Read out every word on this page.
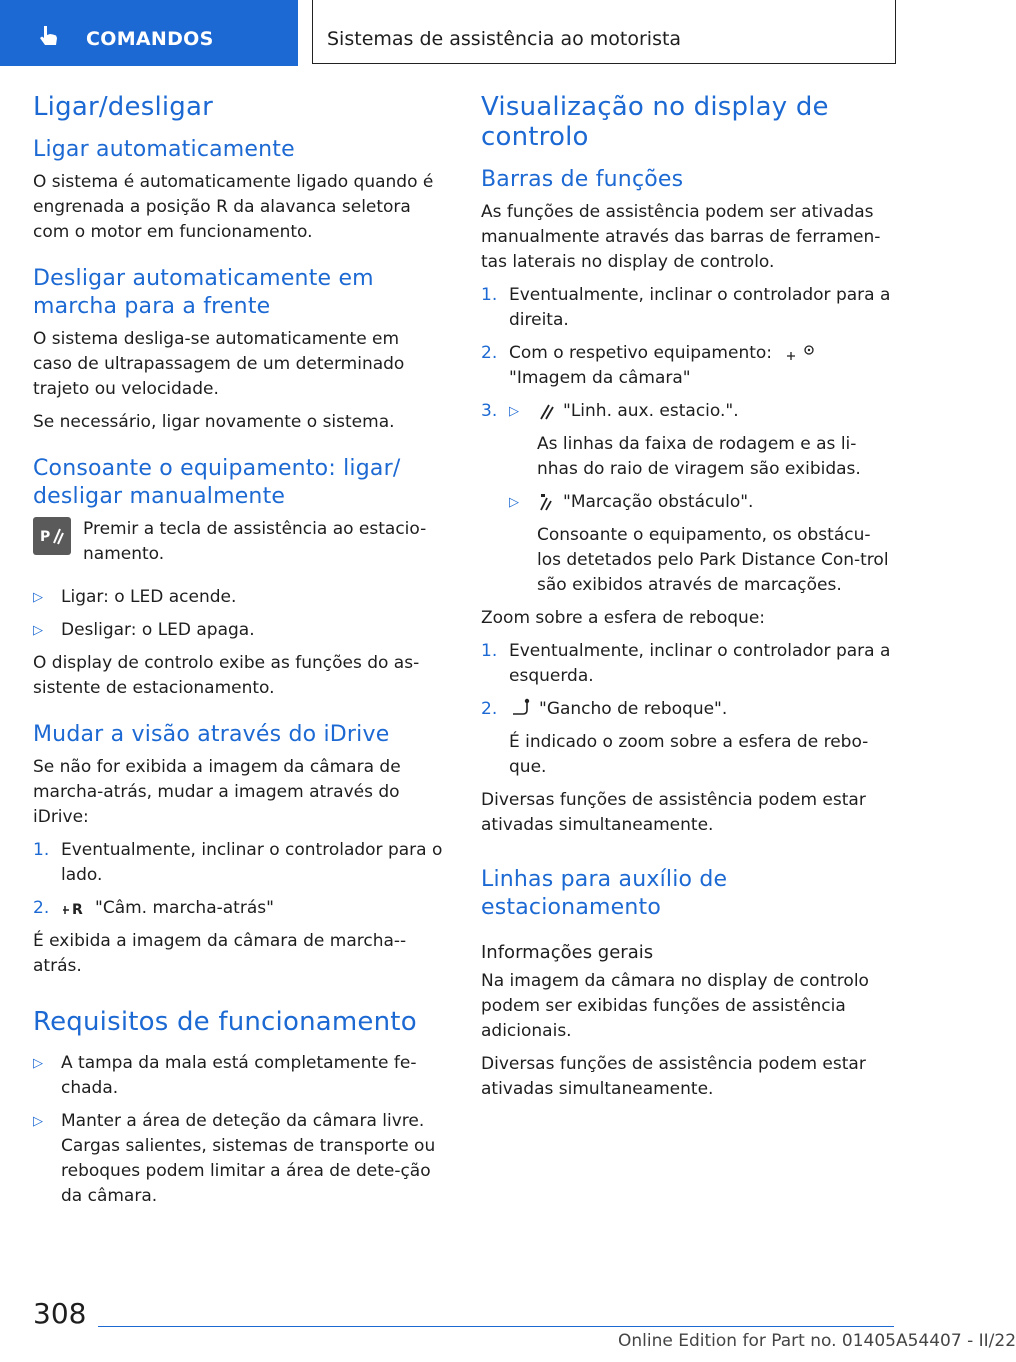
COMANDOS	Sistemas de assistência ao motorista
Ligar/desligar
Ligar automaticamente

O sistema é automaticamente ligado quando é engrenada a posição R da alavanca seletora com o motor em funcionamento.

Desligar automaticamente em marcha para a frente

O sistema desliga-se automaticamente em caso de ultrapassagem de um determinado trajeto ou velocidade.

Se necessário, ligar novamente o sistema.

Consoante o equipamento: ligar/ desligar manualmente
P Premir a tecla de assistência ao estacio-namento.

▷	Ligar: o LED acende.
▷	Desligar: o LED apaga.

O display de controlo exibe as funções do as-sistente de estacionamento.

Mudar a visão através do iDrive

Se não for exibida a imagem da câmara de marcha-atrás, mudar a imagem através do iDrive:

1. Eventualmente, inclinar o controlador para o lado.
2.	R "Câm. marcha-atrás"

É exibida a imagem da câmara de marcha--atrás.

Requisitos de funcionamento
▷	A tampa da mala está completamente fe-chada.
▷	Manter a área de deteção da câmara livre. Cargas salientes, sistemas de transporte ou reboques podem limitar a área de dete-ção da câmara.
Visualização no display de controlo
Barras de funções

As funções de assistência podem ser ativadas manualmente através das barras de ferramen-tas laterais no display de controlo.

1. Eventualmente, inclinar o controlador para a direita.
2. Com o respetivo equipamento:
"Imagem da câmara"
3. ▷	"Linh. aux. estacio.".
As linhas da faixa de rodagem e as li-nhas do raio de viragem são exibidas.
▷	"Marcação obstáculo".
Consoante o equipamento, os obstácu-los detetados pelo Park Distance Con-trol são exibidos através de marcações.

Zoom sobre a esfera de reboque:

1. Eventualmente, inclinar o controlador para a esquerda.
2.	"Gancho de reboque".

É indicado o zoom sobre a esfera de rebo-que.

Diversas funções de assistência podem estar ativadas simultaneamente.

Linhas para auxílio de estacionamento
Informações gerais

Na imagem da câmara no display de controlo podem ser exibidas funções de assistência adicionais.

Diversas funções de assistência podem estar ativadas simultaneamente.

308
Online Edition for Part no. 01405A54407 - II/22
